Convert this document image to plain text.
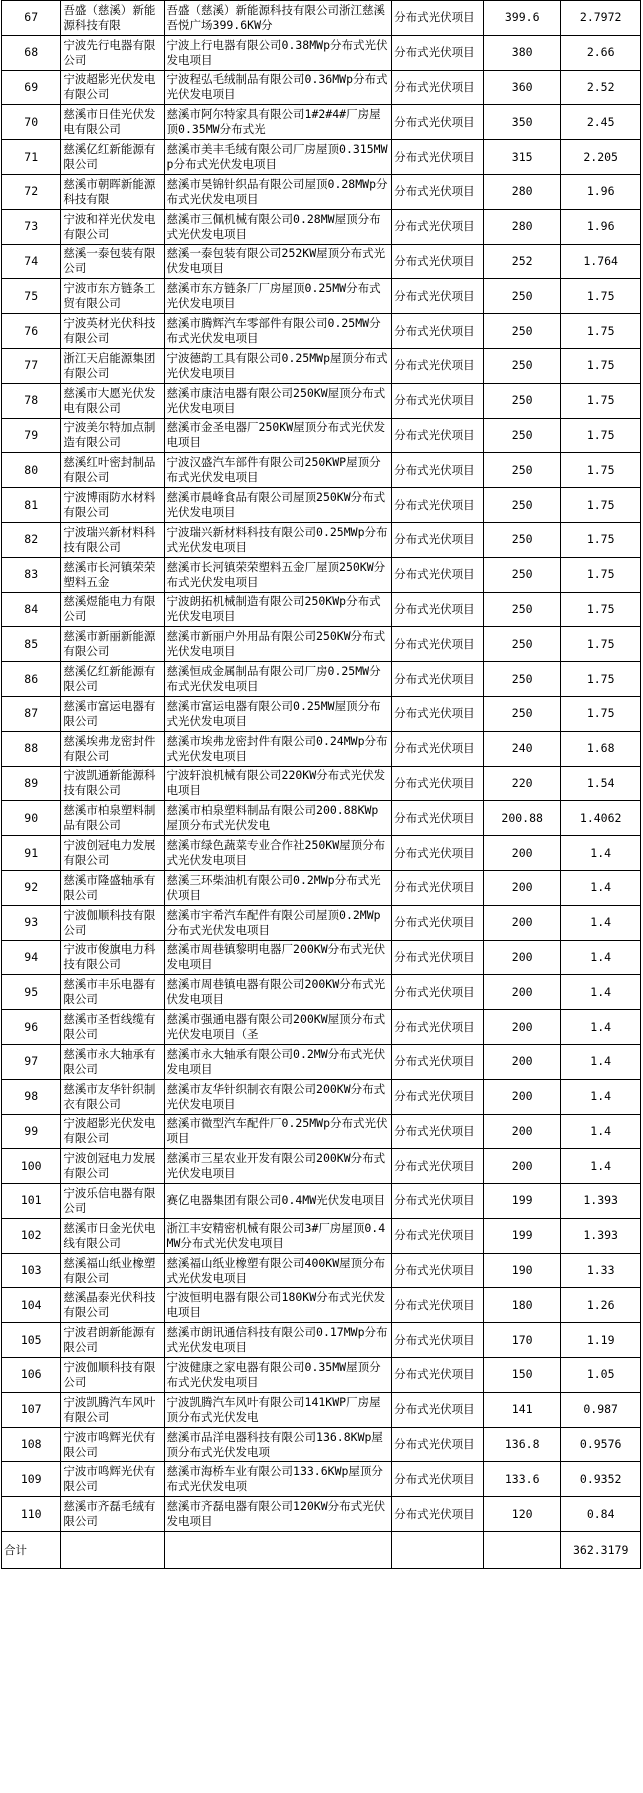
67	吾盛（慈溪）新能源科技有限	吾盛（慈溪）新能源科技有限公司浙江慈溪吾悦广场399.6KW分	分布式光伏项目	399.6	2.7972

68	宁波先行电器有限公司	宁波上行电器有限公司0.38MWp分布式光伏发电项目	分布式光伏项目	380	2.66

69	宁波超影光伏发电有限公司	宁波程弘毛绒制品有限公司0.36MWp分布式光伏发电项目	分布式光伏项目	360	2.52

70	慈溪市日佳光伏发电有限公司	慈溪市阿尔特家具有限公司1#2#4#厂房屋顶0.35MW分布式光	分布式光伏项目	350	2.45

71	慈溪亿红新能源有限公司	慈溪市美丰毛绒有限公司厂房屋顶0.315MWp分布式光伏发电项目	分布式光伏项目	315	2.205

72	慈溪市朝晖新能源科技有限	慈溪市昊锦针织品有限公司屋顶0.28MWp分布式光伏发电项目	分布式光伏项目	280	1.96

73	宁波和祥光伏发电有限公司	慈溪市三佩机械有限公司0.28MW屋顶分布式光伏发电项目	分布式光伏项目	280	1.96

74	慈溪一泰包装有限公司	慈溪一泰包装有限公司252KW屋顶分布式光伏发电项目	分布式光伏项目	252	1.764

75	宁波市东方链条工贸有限公司	慈溪市东方链条厂厂房屋顶0.25MW分布式光伏发电项目	分布式光伏项目	250	1.75

76	宁波英材光伏科技有限公司	慈溪市腾辉汽车零部件有限公司0.25MW分布式光伏发电项目	分布式光伏项目	250	1.75

77	浙江天启能源集团有限公司	宁波德韵工具有限公司0.25MWp屋顶分布式光伏发电项目	分布式光伏项目	250	1.75

78	慈溪市大愿光伏发电有限公司	慈溪市康洁电器有限公司250KW屋顶分布式光伏发电项目	分布式光伏项目	250	1.75

79	宁波美尔特加点制造有限公司	慈溪市金圣电器厂250KW屋顶分布式光伏发电项目	分布式光伏项目	250	1.75

80	慈溪红叶密封制品有限公司	宁波汉盛汽车部件有限公司250KWP屋顶分布式光伏发电项目	分布式光伏项目	250	1.75

81	宁波博雨防水材料有限公司	慈溪市晨峰食品有限公司屋顶250KW分布式光伏发电项目	分布式光伏项目	250	1.75

82	宁波瑞兴新材料科技有限公司	宁波瑞兴新材料科技有限公司0.25MWp分布式光伏发电项目	分布式光伏项目	250	1.75

83	慈溪市长河镇荣荣塑料五金	慈溪市长河镇荣荣塑料五金厂屋顶250KW分布式光伏发电项目	分布式光伏项目	250	1.75

84	慈溪煜能电力有限公司	宁波朗拓机械制造有限公司250KWp分布式光伏发电项目	分布式光伏项目	250	1.75

85	慈溪市新丽新能源有限公司	慈溪市新丽户外用品有限公司250KW分布式光伏发电项目	分布式光伏项目	250	1.75

86	慈溪亿红新能源有限公司	慈溪恒成金属制品有限公司厂房0.25MW分布式光伏发电项目	分布式光伏项目	250	1.75

87	慈溪市富运电器有限公司	慈溪市富运电器有限公司0.25MW屋顶分布式光伏发电项目	分布式光伏项目	250	1.75

88	慈溪埃弗龙密封件有限公司	慈溪市埃弗龙密封件有限公司0.24MWp分布式光伏发电项目	分布式光伏项目	240	1.68

89	宁波凯通新能源科技有限公司	宁波轩浪机械有限公司220KW分布式光伏发电项目	分布式光伏项目	220	1.54

90	慈溪市柏泉塑料制品有限公司	慈溪市柏泉塑料制品有限公司200.88KWp屋顶分布式光伏发电	分布式光伏项目	200.88	1.4062

91	宁波创冠电力发展有限公司	慈溪市绿色蔬菜专业合作社250KW屋顶分布式光伏发电项目	分布式光伏项目	200	1.4

92	慈溪市隆盛轴承有限公司	慈溪三环柴油机有限公司0.2MWp分布式光伏项目	分布式光伏项目	200	1.4

93	宁波伽顺科技有限公司	慈溪市宇希汽车配件有限公司屋顶0.2MWp分布式光伏发电项目	分布式光伏项目	200	1.4

94	宁波市俊旗电力科技有限公司	慈溪市周巷镇黎明电器厂200KW分布式光伏发电项目	分布式光伏项目	200	1.4

95	慈溪市丰乐电器有限公司	慈溪市周巷镇电器有限公司200KW分布式光伏发电项目	分布式光伏项目	200	1.4

96	慈溪市圣哲线缆有限公司	慈溪市强通电器有限公司200KW屋顶分布式光伏发电项目（圣	分布式光伏项目	200	1.4

97	慈溪市永大轴承有限公司	慈溪市永大轴承有限公司0.2MW分布式光伏发电项目	分布式光伏项目	200	1.4

98	慈溪市友华针织制衣有限公司	慈溪市友华针织制衣有限公司200KW分布式光伏发电项目	分布式光伏项目	200	1.4

99	宁波超影光伏发电有限公司	慈溪市微型汽车配件厂0.25MWp分布式光伏项目	分布式光伏项目	200	1.4

100	宁波创冠电力发展有限公司	慈溪市三星农业开发有限公司200KW分布式光伏发电项目	分布式光伏项目	200	1.4

101	宁波乐信电器有限公司	赛亿电器集团有限公司0.4MW光伏发电项目	分布式光伏项目	199	1.393

102	慈溪市日金光伏电线有限公司	浙江丰安精密机械有限公司3#厂房屋顶0.4MW分布式光伏发电项目	分布式光伏项目	199	1.393

103	慈溪福山纸业橡塑有限公司	慈溪福山纸业橡塑有限公司400KW屋顶分布式光伏发电项目	分布式光伏项目	190	1.33

104	慈溪晶泰光伏科技有限公司	宁波恒明电器有限公司180KW分布式光伏发电项目	分布式光伏项目	180	1.26

105	宁波君朗新能源有限公司	慈溪市朗讯通信科技有限公司0.17MWp分布式光伏发电项目	分布式光伏项目	170	1.19

106	宁波伽顺科技有限公司	宁波健康之家电器有限公司0.35MW屋顶分布式光伏发电项目	分布式光伏项目	150	1.05

107	宁波凯腾汽车风叶有限公司	宁波凯腾汽车风叶有限公司141KWP厂房屋顶分布式光伏发电	分布式光伏项目	141	0.987

108	宁波市鸣辉光伏有限公司	慈溪市品洋电器科技有限公司136.8KWp屋顶分布式光伏发电项	分布式光伏项目	136.8	0.9576

109	宁波市鸣辉光伏有限公司	慈溪市海桥车业有限公司133.6KWp屋顶分布式光伏发电项	分布式光伏项目	133.6	0.9352

110	慈溪市齐磊毛绒有限公司	慈溪市齐磊电器有限公司120KW分布式光伏发电项目	分布式光伏项目	120	0.84

合计					362.3179
